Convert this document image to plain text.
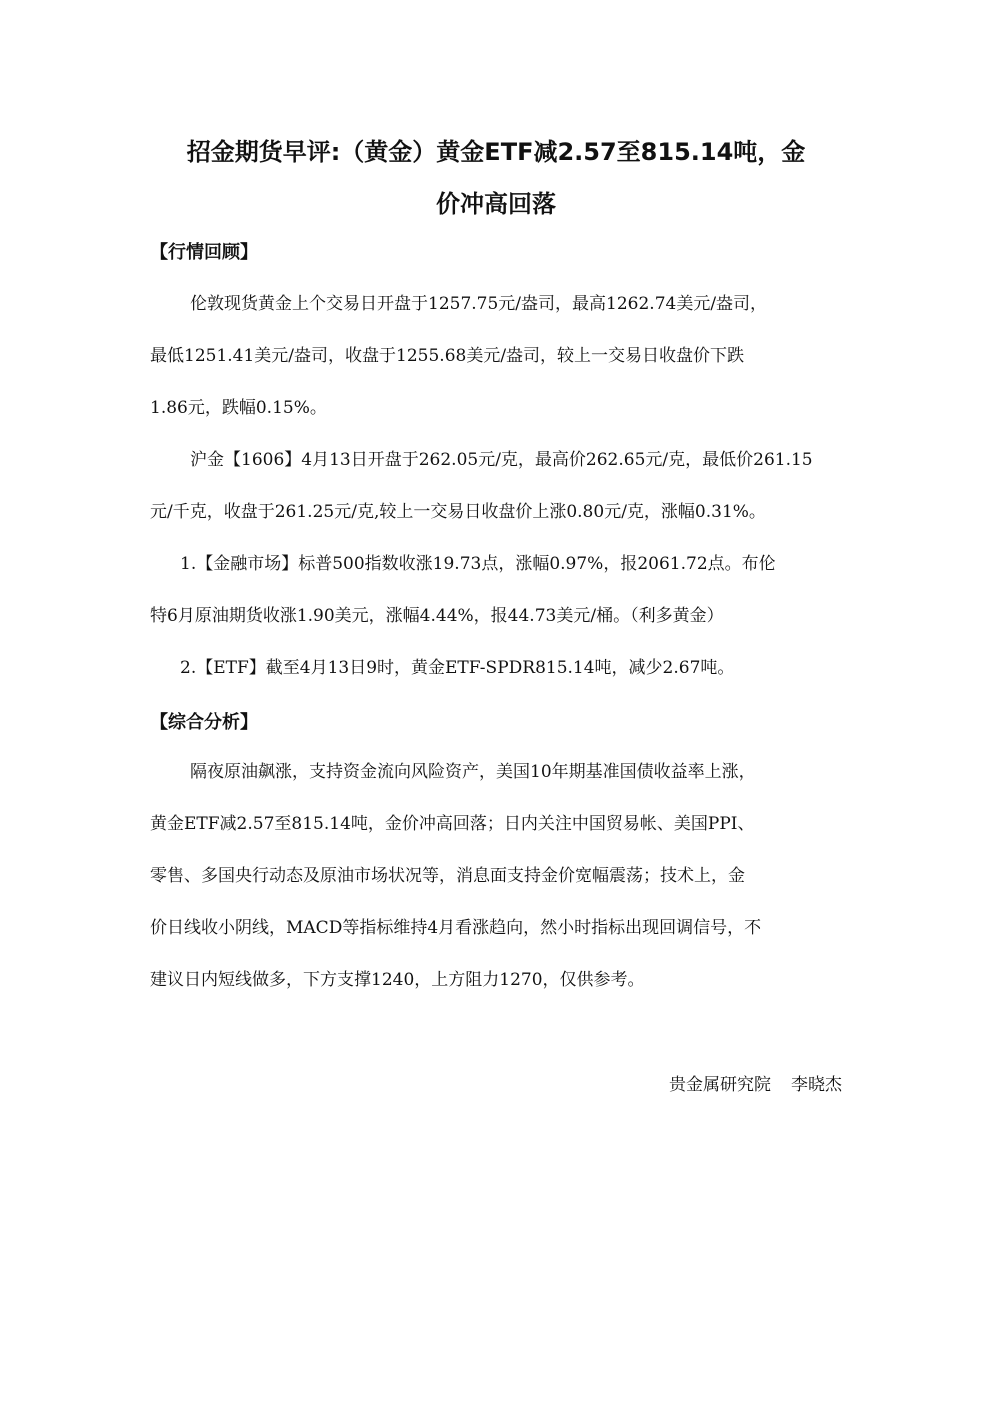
招金期货早评:（黄金）黄金ETF减2.57至815.14吨，金
价冲高回落
【行情回顾】
伦敦现货黄金上个交易日开盘于1257.75元/盎司，最高1262.74美元/盎司，
最低1251.41美元/盎司，收盘于1255.68美元/盎司，较上一交易日收盘价下跌
1.86元，跌幅0.15%。
沪金【1606】4月13日开盘于262.05元/克，最高价262.65元/克，最低价261.15
元/千克，收盘于261.25元/克,较上一交易日收盘价上涨0.80元/克，涨幅0.31%。
1.【金融市场】标普500指数收涨19.73点，涨幅0.97%，报2061.72点。布伦
特6月原油期货收涨1.90美元，涨幅4.44%，报44.73美元/桶。（利多黄金）
2.【ETF】截至4月13日9时，黄金ETF-SPDR815.14吨，减少2.67吨。
【综合分析】
隔夜原油飙涨，支持资金流向风险资产，美国10年期基准国债收益率上涨，
黄金ETF减2.57至815.14吨，金价冲高回落；日内关注中国贸易帐、美国PPI、
零售、多国央行动态及原油市场状况等，消息面支持金价宽幅震荡；技术上，金
价日线收小阴线，MACD等指标维持4月看涨趋向，然小时指标出现回调信号，不
建议日内短线做多，下方支撑1240，上方阻力1270，仅供参考。
贵金属研究院 李晓杰
